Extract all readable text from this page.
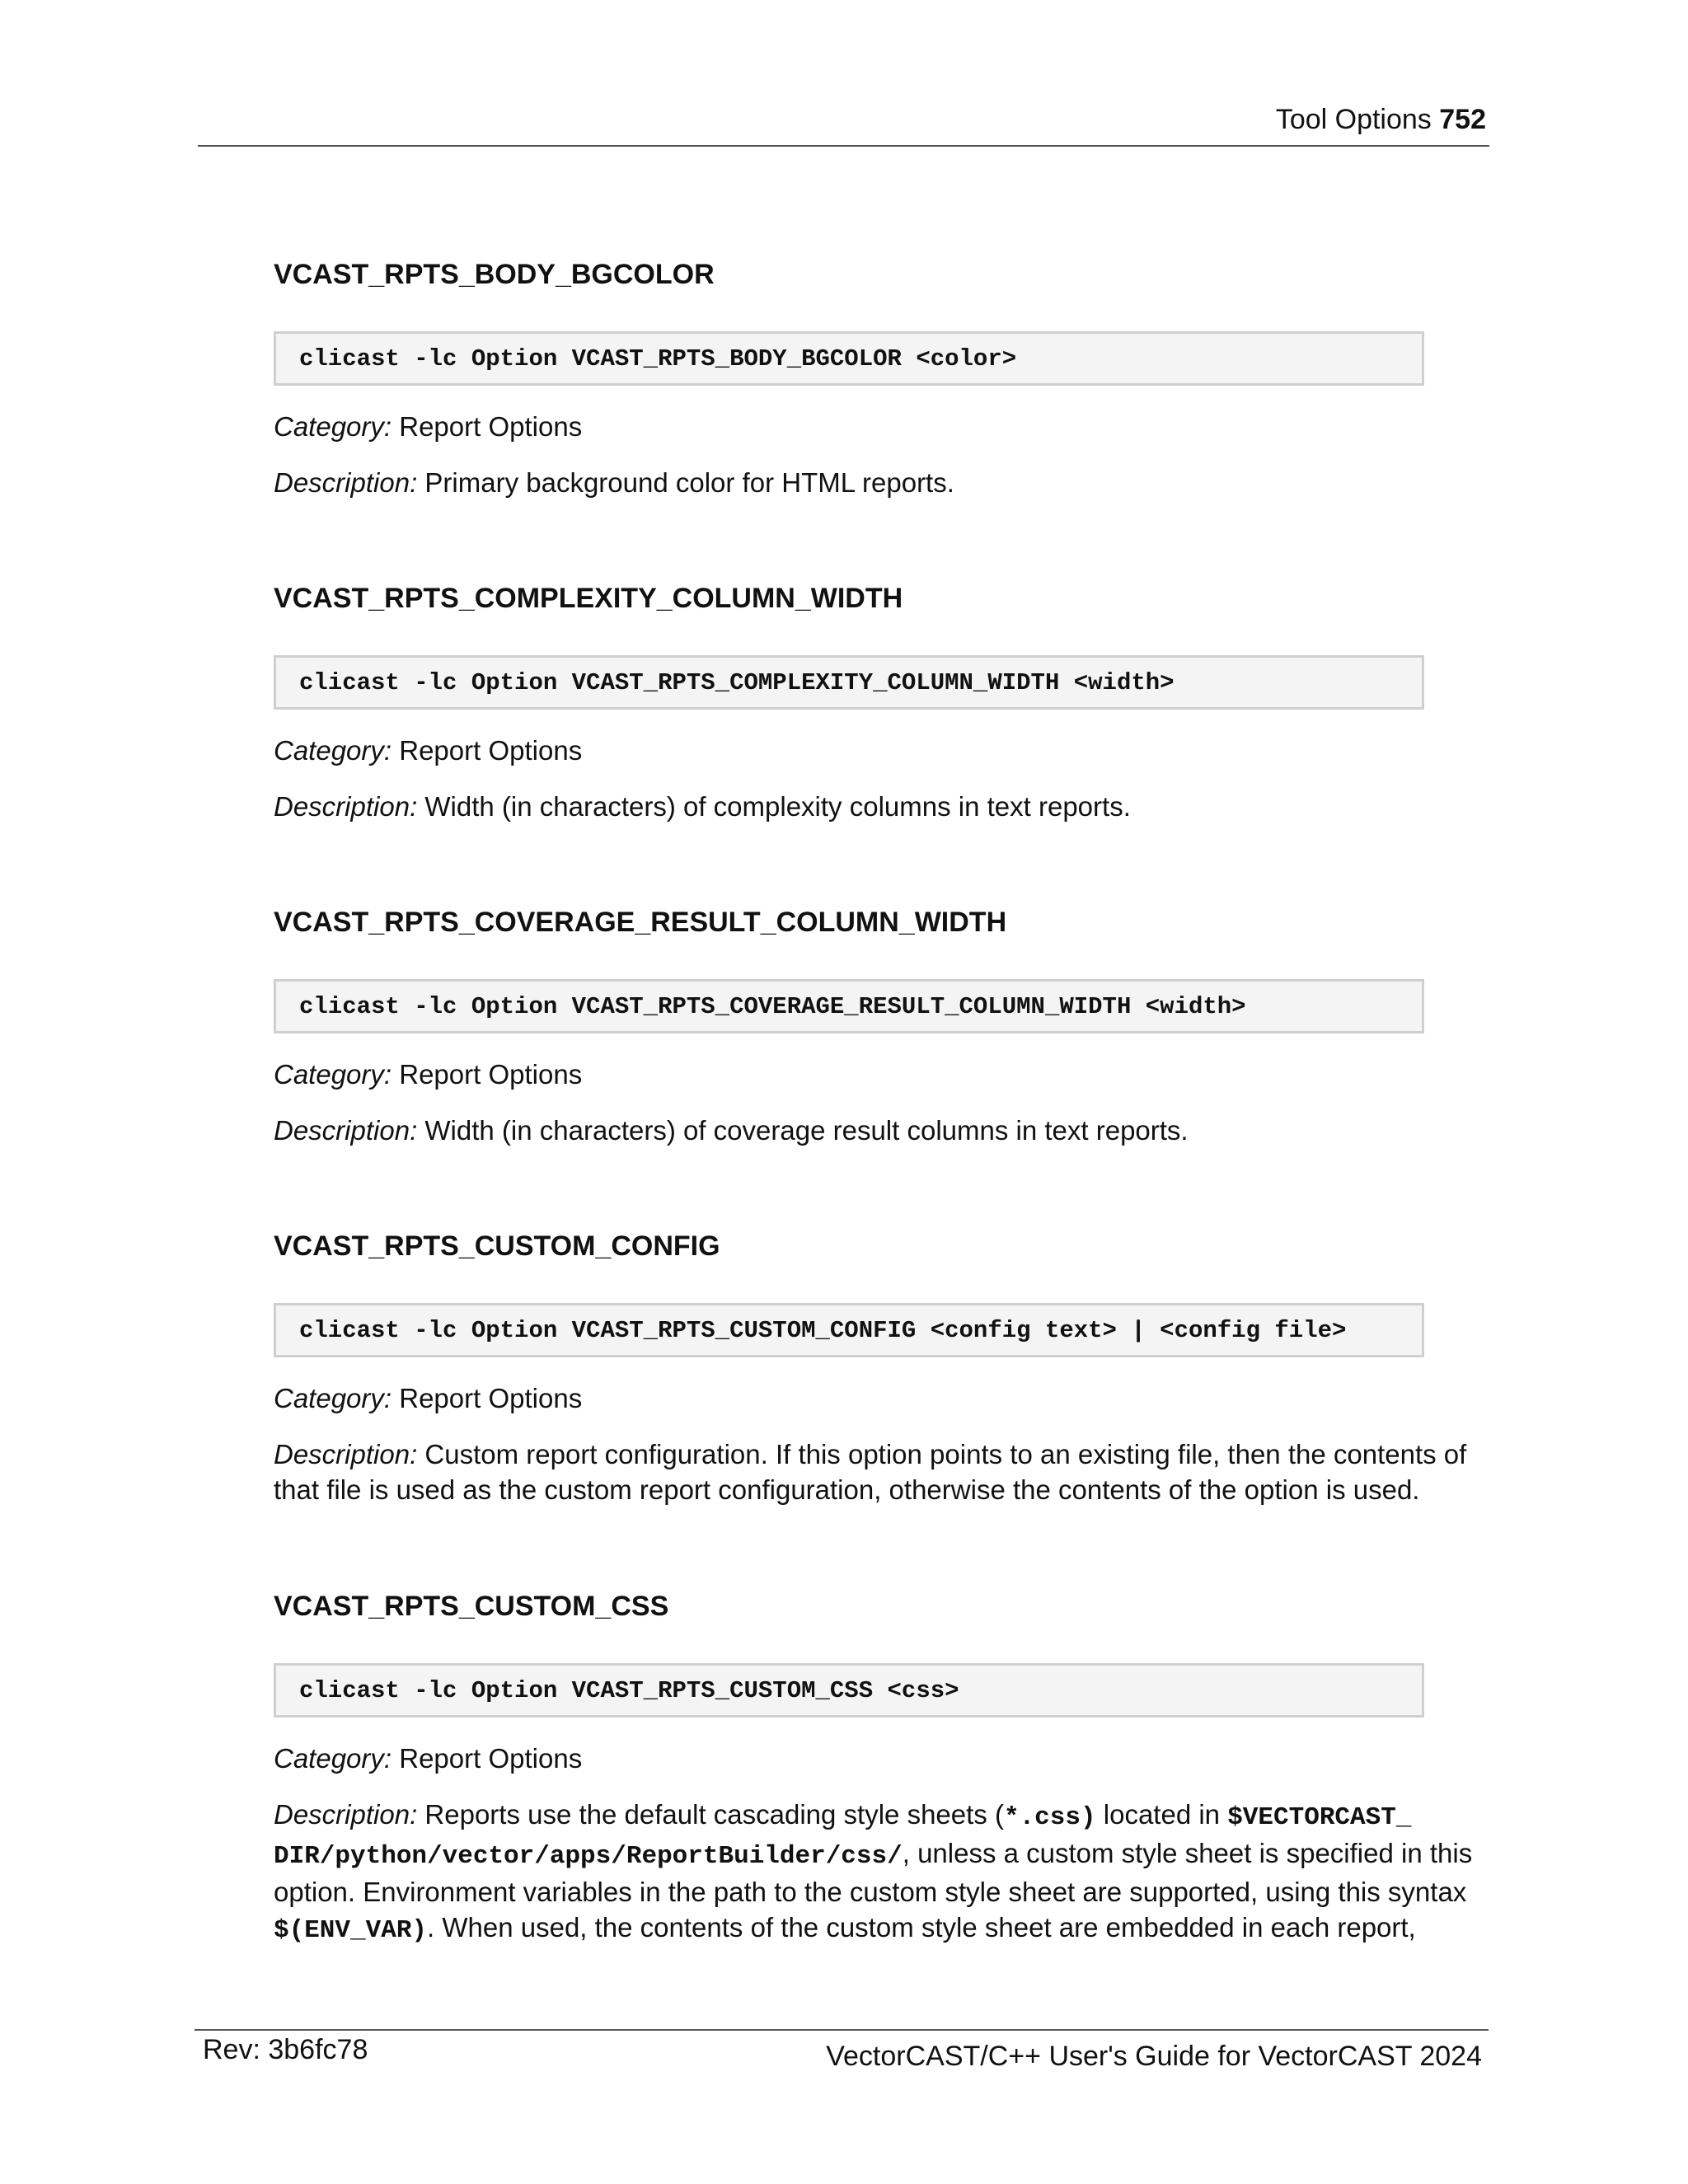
Tool Options 752
VCAST_RPTS_BODY_BGCOLOR
clicast -lc Option VCAST_RPTS_BODY_BGCOLOR <color>

Category: Report Options

Description: Primary background color for HTML reports.

VCAST_RPTS_COMPLEXITY_COLUMN_WIDTH
clicast -lc Option VCAST_RPTS_COMPLEXITY_COLUMN_WIDTH <width>

Category: Report Options

Description: Width (in characters) of complexity columns in text reports.

VCAST_RPTS_COVERAGE_RESULT_COLUMN_WIDTH
clicast -lc Option VCAST_RPTS_COVERAGE_RESULT_COLUMN_WIDTH <width>

Category: Report Options

Description: Width (in characters) of coverage result columns in text reports.

VCAST_RPTS_CUSTOM_CONFIG
clicast -lc Option VCAST_RPTS_CUSTOM_CONFIG <config text> | <config file>

Category: Report Options

Description: Custom report configuration. If this option points to an existing file, then the contents of that file is used as the custom report configuration, otherwise the contents of the option is used.

VCAST_RPTS_CUSTOM_CSS
clicast -lc Option VCAST_RPTS_CUSTOM_CSS <css>

Category: Report Options

Description: Reports use the default cascading style sheets (*.css) located in $VECTORCAST_
DIR/python/vector/apps/ReportBuilder/css/, unless a custom style sheet is specified in this option. Environment variables in the path to the custom style sheet are supported, using this syntax $(ENV_VAR). When used, the contents of the custom style sheet are embedded in each report,

Rev: 3b6fc78	VectorCAST/C++ User's Guide for VectorCAST 2024
